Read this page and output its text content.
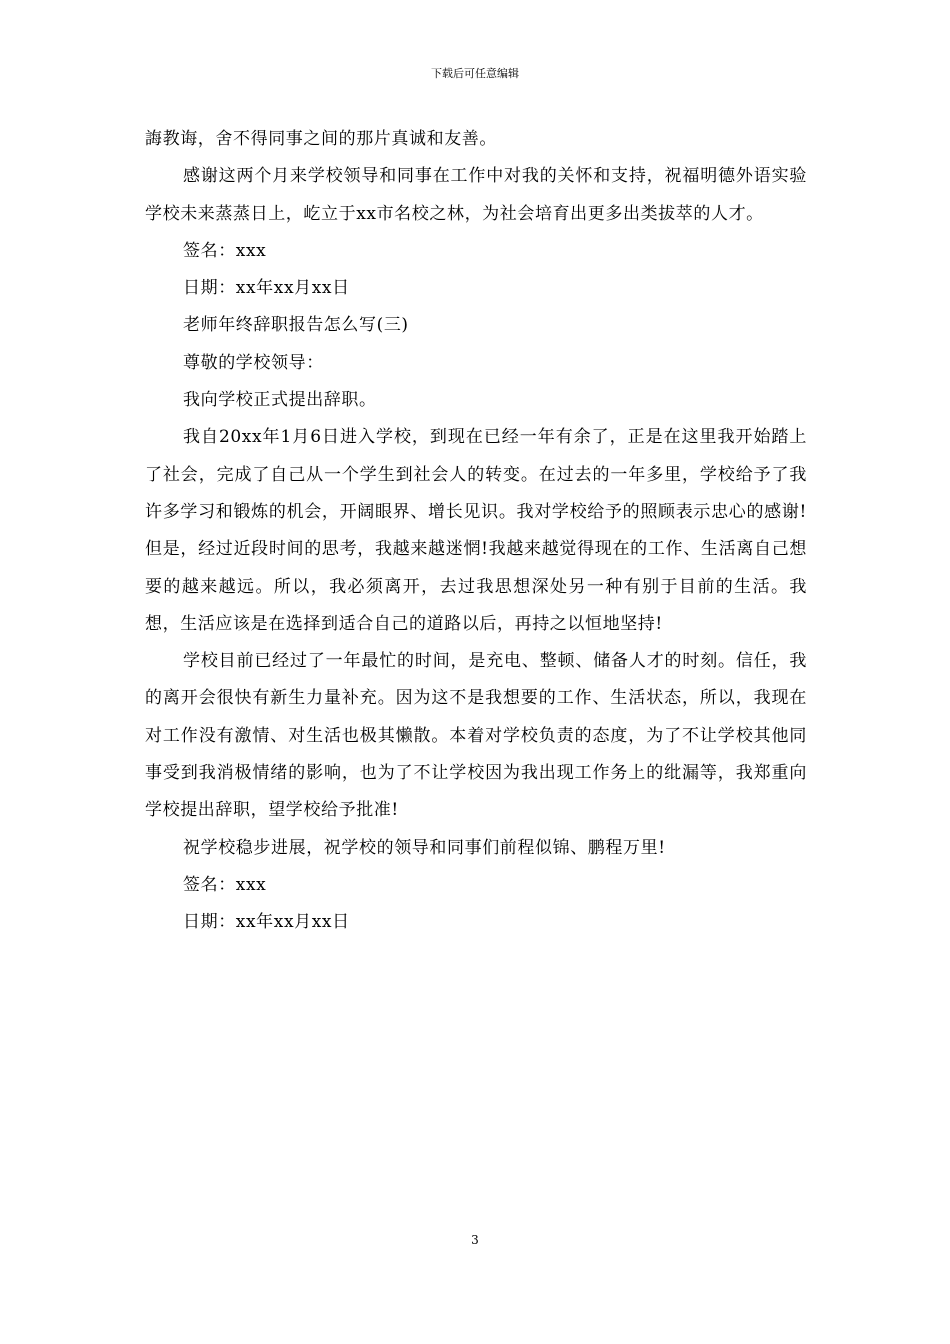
下载后可任意编辑

誨教诲，舍不得同事之间的那片真诚和友善。

感谢这两个月来学校领导和同事在工作中对我的关怀和支持，祝福明德外语实验学校未来蒸蒸日上，屹立于xx市名校之林，为社会培育出更多出类拔萃的人才。

签名：xxx

日期：xx年xx月xx日

老师年终辞职报告怎么写(三)

尊敬的学校领导：

我向学校正式提出辞职。

我自20xx年1月6日进入学校，到现在已经一年有余了，正是在这里我开始踏上了社会，完成了自己从一个学生到社会人的转变。在过去的一年多里，学校给予了我许多学习和锻炼的机会，开阔眼界、增长见识。我对学校给予的照顾表示忠心的感谢!但是，经过近段时间的思考，我越来越迷惘!我越来越觉得现在的工作、生活离自己想要的越来越远。所以，我必须离开，去过我思想深处另一种有别于目前的生活。我想，生活应该是在选择到适合自己的道路以后，再持之以恒地坚持!

学校目前已经过了一年最忙的时间，是充电、整顿、储备人才的时刻。信任，我的离开会很快有新生力量补充。因为这不是我想要的工作、生活状态，所以，我现在对工作没有激情、对生活也极其懒散。本着对学校负责的态度，为了不让学校其他同事受到我消极情绪的影响，也为了不让学校因为我出现工作务上的纰漏等，我郑重向学校提出辞职，望学校给予批准!

祝学校稳步进展，祝学校的领导和同事们前程似锦、鹏程万里!

签名：xxx

日期：xx年xx月xx日

3
